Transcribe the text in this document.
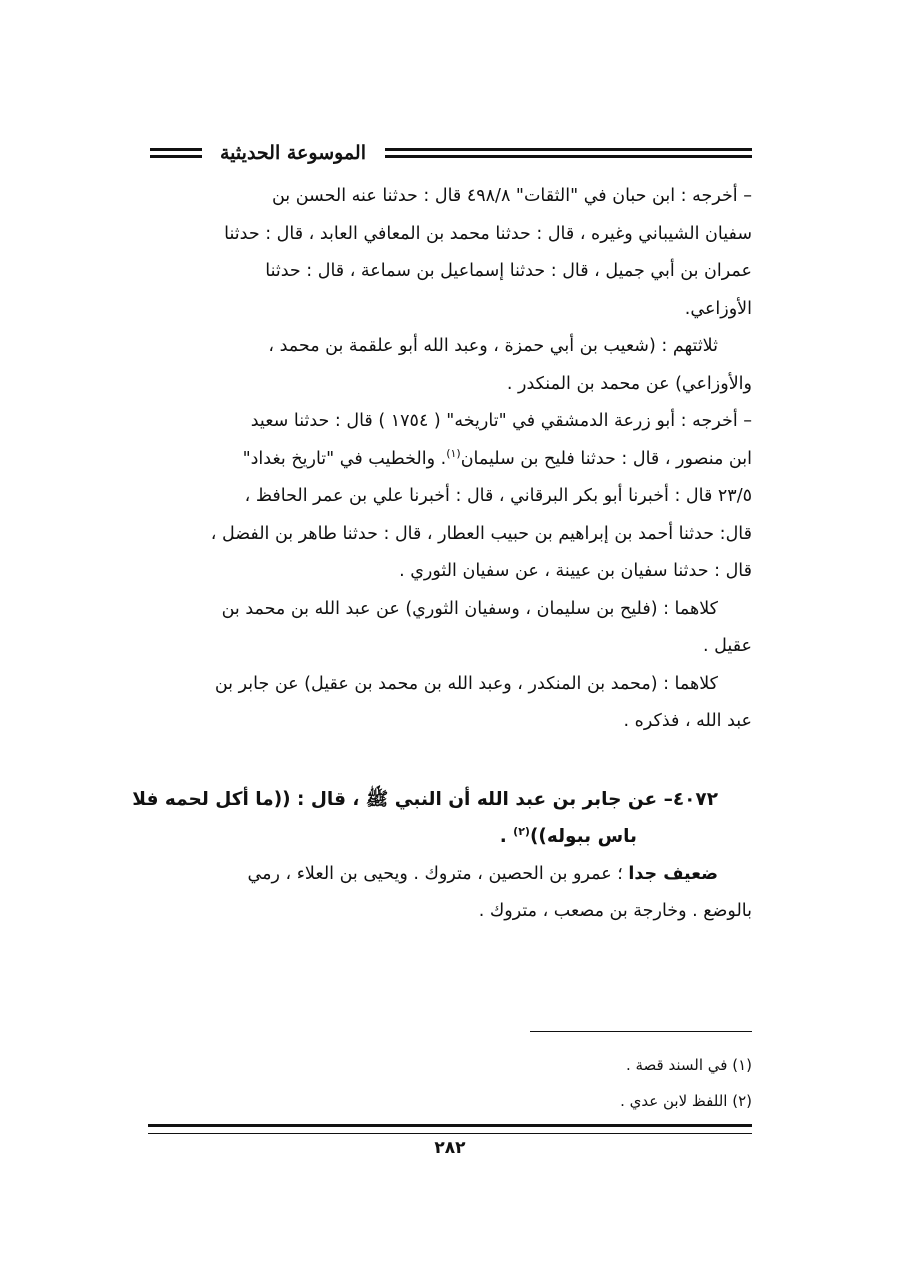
الموسوعة الحديثية
– أخرجه : ابن حبان في "الثقات" ٤٩٨/٨ قال : حدثنا عنه الحسن بن
سفيان الشيباني وغيره ، قال : حدثنا محمد بن المعافي العابد ، قال : حدثنا
عمران بن أبي جميل ، قال : حدثنا إسماعيل بن سماعة ، قال : حدثنا
الأوزاعي.
ثلاثتهم : (شعيب بن أبي حمزة ، وعبد الله أبو علقمة بن محمد ،
والأوزاعي) عن محمد بن المنكدر .
– أخرجه : أبو زرعة الدمشقي في "تاريخه" ( ١٧٥٤ ) قال : حدثنا سعيد
ابن منصور ، قال : حدثنا فليح بن سليمان$^{(١)}$. والخطيب في "تاريخ بغداد"
٢٣/٥ قال : أخبرنا أبو بكر البرقاني ، قال : أخبرنا علي بن عمر الحافظ ،
قال: حدثنا أحمد بن إبراهيم بن حبيب العطار ، قال : حدثنا طاهر بن الفضل ،
قال : حدثنا سفيان بن عيينة ، عن سفيان الثوري .
كلاهما : (فليح بن سليمان ، وسفيان الثوري) عن عبد الله بن محمد بن
عقيل .
كلاهما : (محمد بن المنكدر ، وعبد الله بن محمد بن عقيل) عن جابر بن
عبد الله ، فذكره .
٤٠٧٢– عن جابر بن عبد الله أن النبي ﷺ ، قال : ((ما أكل لحمه فلا
باس ببوله))$^{(٢)}$ .
ضعيف جدا ؛ عمرو بن الحصين ، متروك . ويحيى بن العلاء ، رمي
بالوضع . وخارجة بن مصعب ، متروك .
(١) في السند قصة .
(٢) اللفظ لابن عدي .
٢٨٢
